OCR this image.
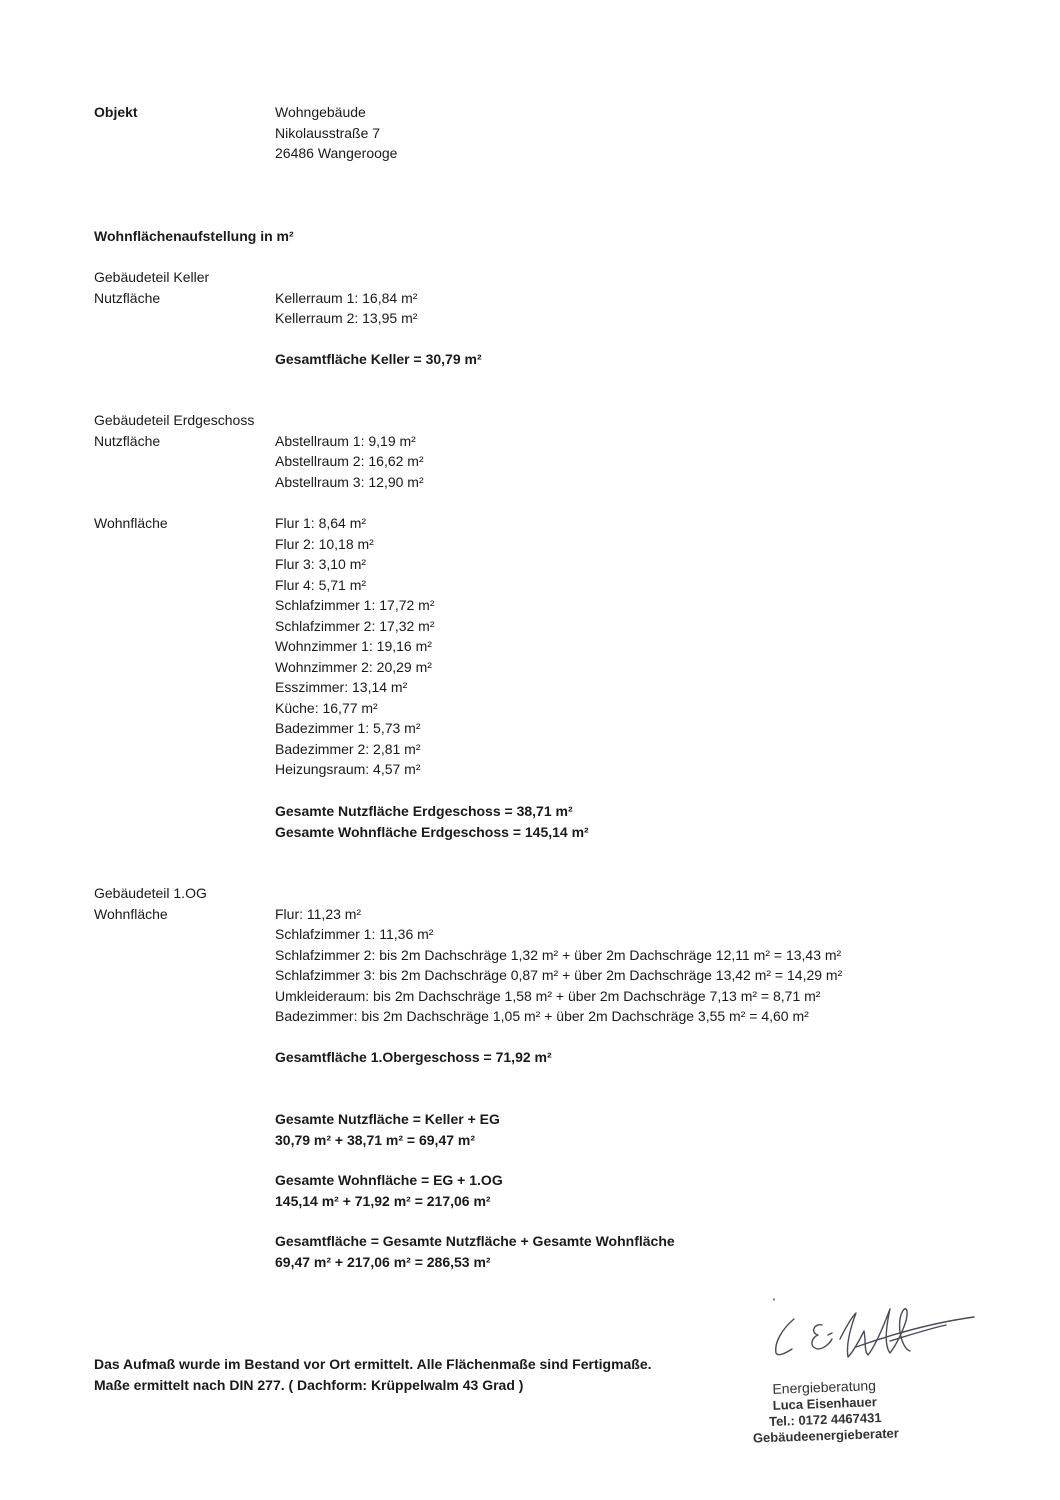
Objekt	Wohngebäude
Nikolausstraße 7
26486 Wangerooge
Wohnflächenaufstellung in m²
Gebäudeteil Keller
Nutzfläche	Kellerraum 1: 16,84 m²
Kellerraum 2: 13,95 m²
Gesamtfläche Keller = 30,79 m²
Gebäudeteil Erdgeschoss
Nutzfläche	Abstellraum 1: 9,19 m²
Abstellraum 2: 16,62 m²
Abstellraum 3: 12,90 m²
Wohnfläche	Flur 1: 8,64 m²
Flur 2: 10,18 m²
Flur 3: 3,10 m²
Flur 4: 5,71 m²
Schlafzimmer 1: 17,72 m²
Schlafzimmer 2: 17,32 m²
Wohnzimmer 1: 19,16 m²
Wohnzimmer 2: 20,29 m²
Esszimmer: 13,14 m²
Küche: 16,77 m²
Badezimmer 1: 5,73 m²
Badezimmer 2: 2,81 m²
Heizungsraum: 4,57 m²
Gesamte Nutzfläche Erdgeschoss = 38,71 m²
Gesamte Wohnfläche Erdgeschoss = 145,14 m²
Gebäudeteil 1.OG
Wohnfläche	Flur: 11,23 m²
Schlafzimmer 1: 11,36 m²
Schlafzimmer 2: bis 2m Dachschräge 1,32 m² + über 2m Dachschräge 12,11 m² = 13,43 m²
Schlafzimmer 3: bis 2m Dachschräge 0,87 m² + über 2m Dachschräge 13,42 m² = 14,29 m²
Umkleideraum: bis 2m Dachschräge 1,58 m² + über 2m Dachschräge 7,13 m² = 8,71 m²
Badezimmer: bis 2m Dachschräge 1,05 m² + über 2m Dachschräge 3,55 m² = 4,60 m²
Gesamtfläche 1.Obergeschoss = 71,92 m²
Gesamte Nutzfläche = Keller + EG
30,79 m² + 38,71 m² = 69,47 m²
Gesamte Wohnfläche = EG + 1.OG
145,14 m² + 71,92 m² = 217,06 m²
Gesamtfläche = Gesamte Nutzfläche + Gesamte Wohnfläche
69,47 m² + 217,06 m² = 286,53 m²
Das Aufmaß wurde im Bestand vor Ort ermittelt. Alle Flächenmaße sind Fertigmaße.
Maße ermittelt nach DIN 277. ( Dachform: Krüppelwalm 43 Grad )	Energieberatung
Luca Eisenhauer
Tel.: 0172 4467431
Gebäudeenergieberater
